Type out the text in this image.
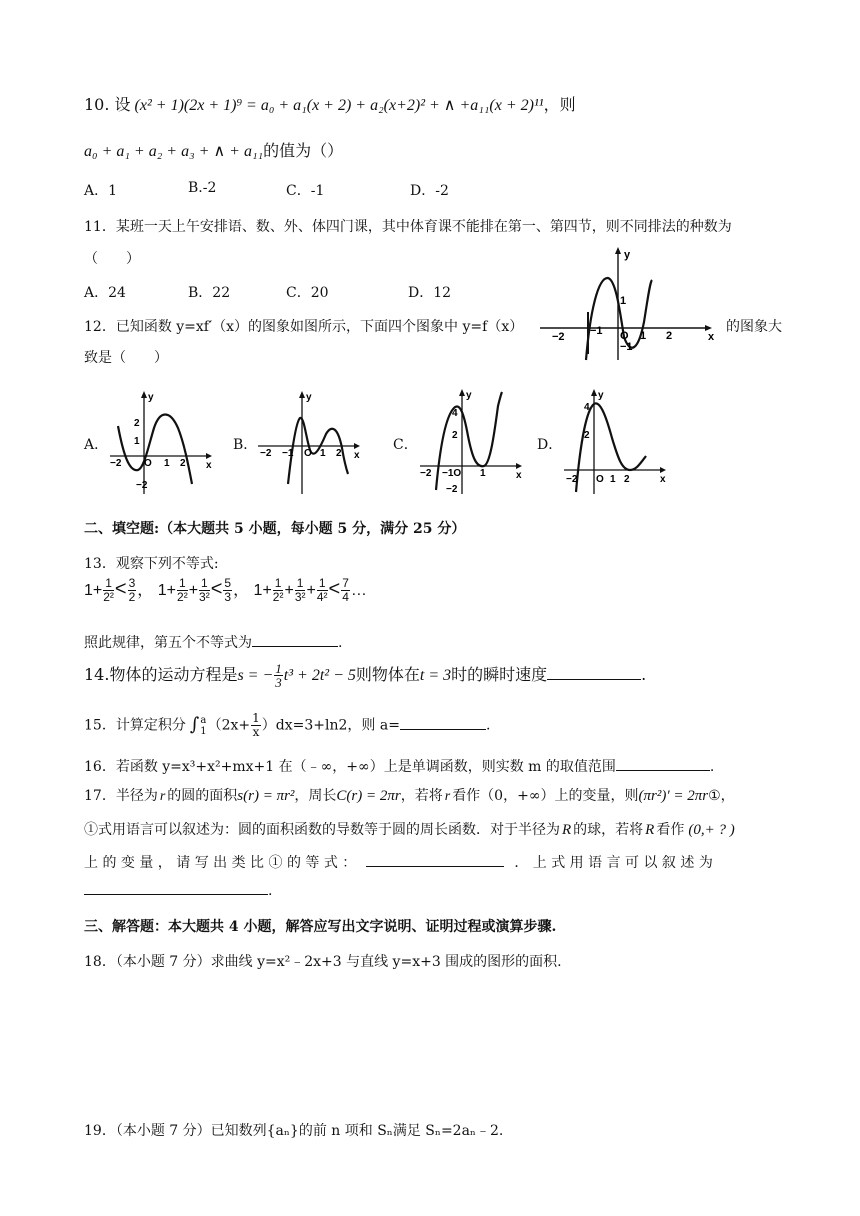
10. 设 (x² + 1)(2x + 1)⁹ = a₀ + a₁(x + 2) + a₂(x+2)² + ∧ +a₁₁(x + 2)¹¹，则
a₀ + a₁ + a₂ + a₃ + ∧ + a₁₁的值为（）
A．1	B.-2	C．-1	D．-2
11．某班一天上午安排语、数、外、体四门课，其中体育课不能排在第一、第四节，则不同排法的种数为
（　　）
A．24	B．22	C．20	D．12
12．已知函数 y=xf′（x）的图象如图所示，下面四个图象中 y=f（x）	的图象大
致是（　　）
y
x
−2 −1 O 1 2
1
−1
A．	B．	C．	D．
y
x
2
1
−2
−2 O 1 2
y
x
−2 −1 O 1 2
y
x
4
2
−2
−2 −1O 1
y
x
4
2
−2 O 1 2
二、填空题:（本大题共 5 小题，每小题 5 分，满分 25 分）
13．观察下列不等式:
$1+ \frac{1}{\text{2²}} < \frac{3}{2}$ ， $1+ \frac{1}{\text{2²}} + \frac{1}{\text{3²}} < \frac{5}{3}$ ， $1+ \frac{1}{\text{2²}} + \frac{1}{\text{3²}} + \frac{1}{\text{4²}} < \frac{7}{4}$ …
照此规律，第五个不等式为	.
14.物体的运动方程是s = − $\frac{1}{3} t^3 + 2t^2 - 5$则物体在t = 3时的瞬时速度	.
15．计算定积分 ∫ a
1 $(2x+ \frac{1}{x} )dx=3+\ln 2$，则 a=	.
16．若函数 y=x³+x²+mx+1 在（﹣∞，+∞）上是单调函数，则实数 m 的取值范围	.
17．半径为 r 的圆的面积s(r) = πr²，周长C(r) = 2πr，若将 r 看作（0，+∞）上的变量，则(πr²)′ = 2πr①，
①式用语言可以叙述为：圆的面积函数的导数等于圆的周长函数．对于半径为 R 的球，若将 R 看作 (0,+ ? )
上 的 变 量 ， 请 写 出 类 比 ① 的 等 式 ：	． 上 式 用 语 言 可 以 叙 述 为
.
三、解答题：本大题共 4 小题，解答应写出文字说明、证明过程或演算步骤.
18．（本小题 7 分）求曲线 y=x²﹣2x+3 与直线 y=x+3 围成的图形的面积.
19．（本小题 7 分）已知数列{aₙ}的前 n 项和 Sₙ满足 Sₙ=2aₙ﹣2.
